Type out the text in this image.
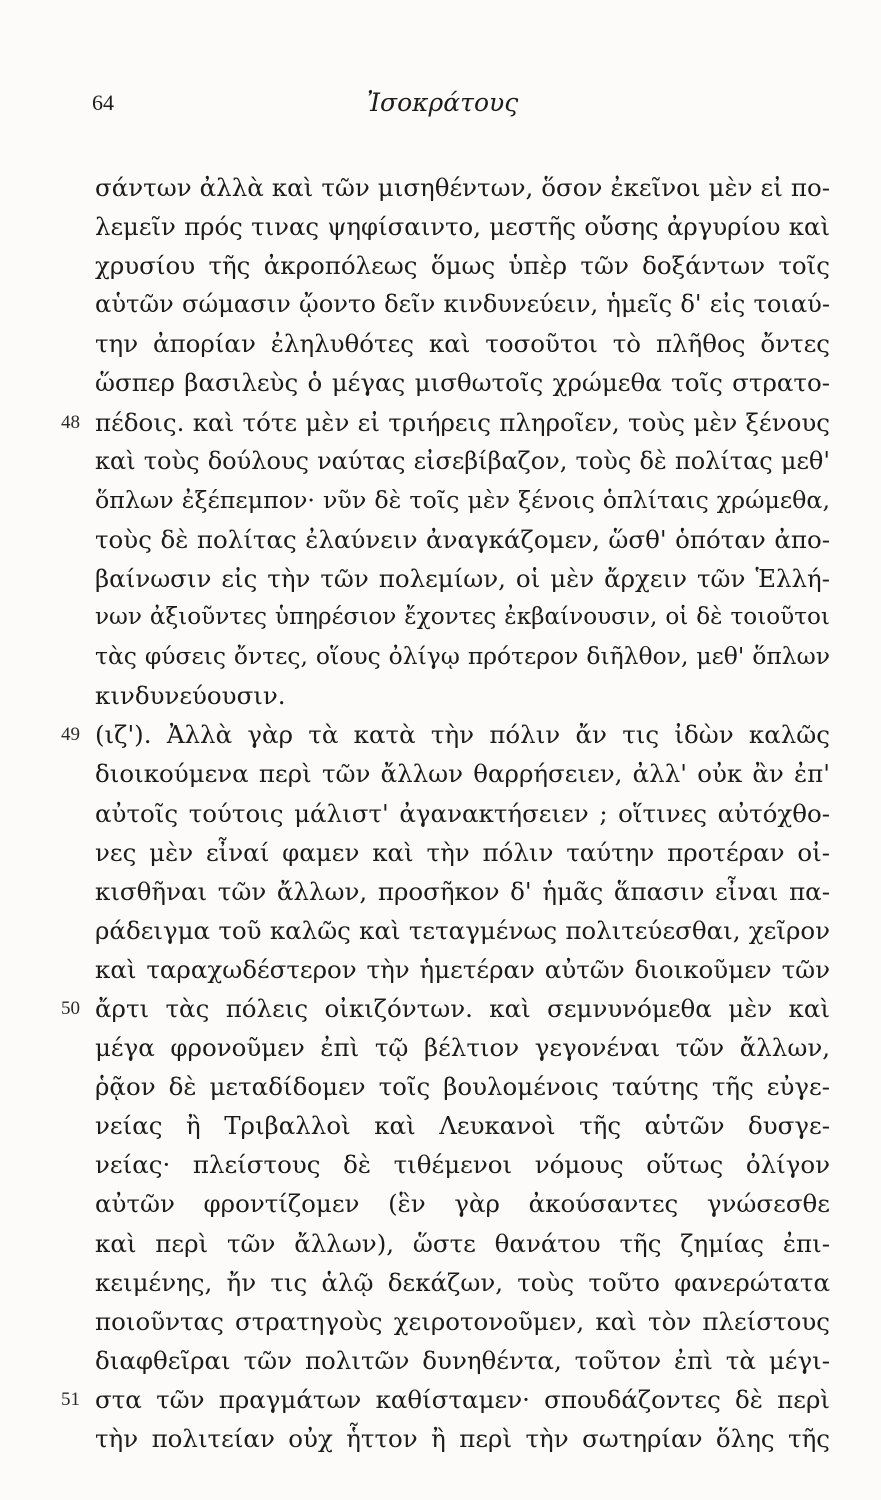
64	Ἰσοκράτους
σάντων ἀλλὰ καὶ τῶν μισηθέντων, ὅσον ἐκεῖνοι μὲν εἰ πο-
λεμεῖν πρός τινας ψηφίσαιντο, μεστῆς οὔσης ἀργυρίου καὶ
χρυσίου τῆς ἀκροπόλεως ὅμως ὑπὲρ τῶν δοξάντων τοῖς
αὑτῶν σώμασιν ᾤοντο δεῖν κινδυνεύειν, ἡμεῖς δ' εἰς τοιαύ-
την ἀπορίαν ἐληλυθότες καὶ τοσοῦτοι τὸ πλῆθος ὄντες
ὥσπερ βασιλεὺς ὁ μέγας μισθωτοῖς χρώμεθα τοῖς στρατο-
48 πέδοις. καὶ τότε μὲν εἰ τριήρεις πληροῖεν, τοὺς μὲν ξένους
καὶ τοὺς δούλους ναύτας εἰσεβίβαζον, τοὺς δὲ πολίτας μεθ'
ὅπλων ἐξέπεμπον· νῦν δὲ τοῖς μὲν ξένοις ὁπλίταις χρώμεθα,
τοὺς δὲ πολίτας ἐλαύνειν ἀναγκάζομεν, ὥσθ' ὁπόταν ἀπο-
βαίνωσιν εἰς τὴν τῶν πολεμίων, οἱ μὲν ἄρχειν τῶν Ἑλλή-
νων ἀξιοῦντες ὑπηρέσιον ἔχοντες ἐκβαίνουσιν, οἱ δὲ τοιοῦτοι
τὰς φύσεις ὄντες, οἵους ὀλίγῳ πρότερον διῆλθον, μεθ' ὅπλων
κινδυνεύουσιν.
49 (ιζ'). Ἀλλὰ γὰρ τὰ κατὰ τὴν πόλιν ἄν τις ἰδὼν καλῶς
διοικούμενα περὶ τῶν ἄλλων θαρρήσειεν, ἀλλ' οὐκ ἂν ἐπ'
αὐτοῖς τούτοις μάλιστ' ἀγανακτήσειεν ; οἵτινες αὐτόχθο-
νες μὲν εἶναί φαμεν καὶ τὴν πόλιν ταύτην προτέραν οἰ-
κισθῆναι τῶν ἄλλων, προσῆκον δ' ἡμᾶς ἅπασιν εἶναι πα-
ράδειγμα τοῦ καλῶς καὶ τεταγμένως πολιτεύεσθαι, χεῖρον
καὶ ταραχωδέστερον τὴν ἡμετέραν αὐτῶν διοικοῦμεν τῶν
50 ἄρτι τὰς πόλεις οἰκιζόντων. καὶ σεμνυνόμεθα μὲν καὶ
μέγα φρονοῦμεν ἐπὶ τῷ βέλτιον γεγονέναι τῶν ἄλλων,
ῥᾷον δὲ μεταδίδομεν τοῖς βουλομένοις ταύτης τῆς εὐγε-
νείας ἢ Τριβαλλοὶ καὶ Λευκανοὶ τῆς αὑτῶν δυσγε-
νείας· πλείστους δὲ τιθέμενοι νόμους οὕτως ὀλίγον
αὐτῶν φροντίζομεν (ἓν γὰρ ἀκούσαντες γνώσεσθε
καὶ περὶ τῶν ἄλλων), ὥστε θανάτου τῆς ζημίας ἐπι-
κειμένης, ἤν τις ἁλῷ δεκάζων, τοὺς τοῦτο φανερώτατα
ποιοῦντας στρατηγοὺς χειροτονοῦμεν, καὶ τὸν πλείστους
διαφθεῖραι τῶν πολιτῶν δυνηθέντα, τοῦτον ἐπὶ τὰ μέγι-
51 στα τῶν πραγμάτων καθίσταμεν· σπουδάζοντες δὲ περὶ
τὴν πολιτείαν οὐχ ἧττον ἢ περὶ τὴν σωτηρίαν ὅλης τῆς
